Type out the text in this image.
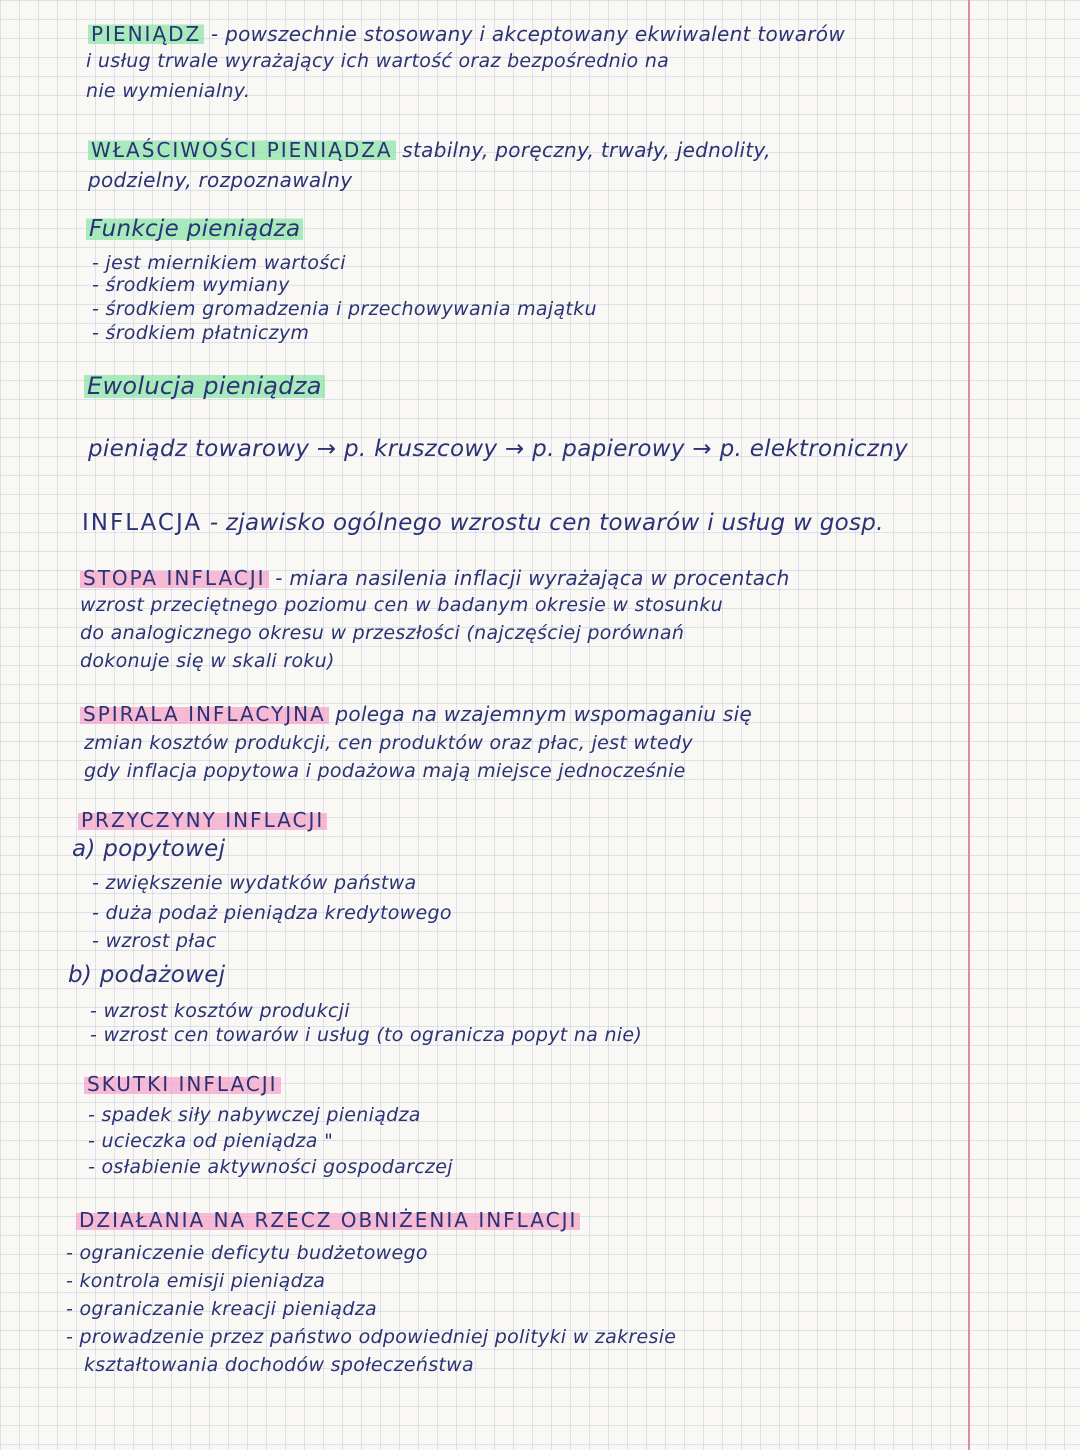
PIENIĄDZ - powszechnie stosowany i akceptowany ekwiwalent towarów
i usług trwale wyrażający ich wartość oraz bezpośrednio na
nie wymienialny.
WŁAŚCIWOŚCI PIENIĄDZA stabilny, poręczny, trwały, jednolity,
podzielny, rozpoznawalny
Funkcje pieniądza
- jest miernikiem wartości
- środkiem wymiany
- środkiem gromadzenia i przechowywania majątku
- środkiem płatniczym
Ewolucja pieniądza
pieniądz towarowy → p. kruszcowy → p. papierowy → p. elektroniczny
INFLACJA - zjawisko ogólnego wzrostu cen towarów i usług w gosp.
STOPA INFLACJI - miara nasilenia inflacji wyrażająca w procentach
wzrost przeciętnego poziomu cen w badanym okresie w stosunku
do analogicznego okresu w przeszłości (najczęściej porównań
dokonuje się w skali roku)
SPIRALA INFLACYJNA polega na wzajemnym wspomaganiu się
zmian kosztów produkcji, cen produktów oraz płac, jest wtedy
gdy inflacja popytowa i podażowa mają miejsce jednocześnie
PRZYCZYNY INFLACJI
a) popytowej
- zwiększenie wydatków państwa
- duża podaż pieniądza kredytowego
- wzrost płac
b) podażowej
- wzrost kosztów produkcji
- wzrost cen towarów i usług (to ogranicza popyt na nie)
SKUTKI INFLACJI
- spadek siły nabywczej pieniądza
- ucieczka od pieniądza "
- osłabienie aktywności gospodarczej
DZIAŁANIA NA RZECZ OBNIŻENIA INFLACJI
- ograniczenie deficytu budżetowego
- kontrola emisji pieniądza
- ograniczanie kreacji pieniądza
- prowadzenie przez państwo odpowiedniej polityki w zakresie
kształtowania dochodów społeczeństwa
